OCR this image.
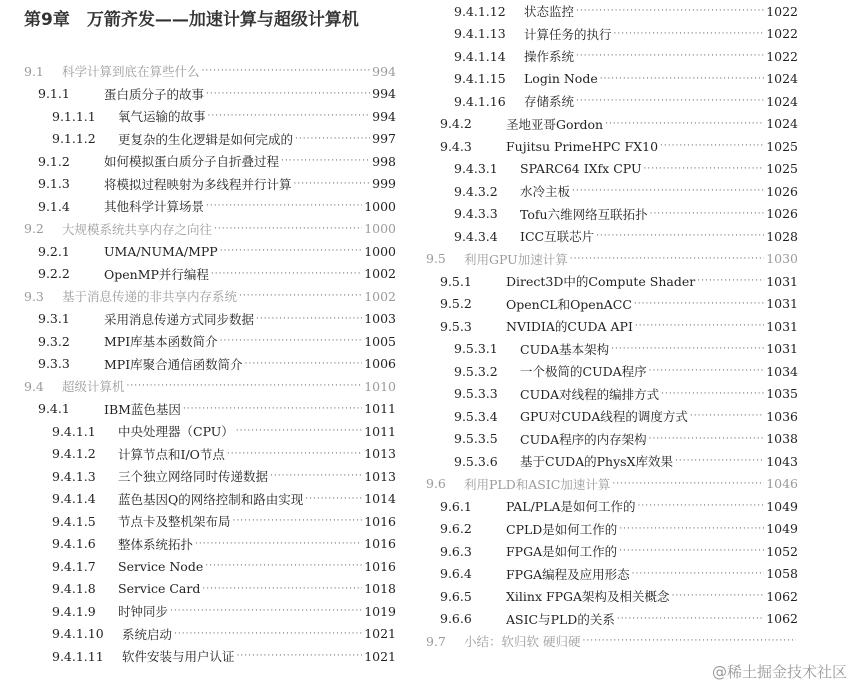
第9章　万箭齐发——加速计算与超级计算机
9.1	科学计算到底在算些什么 ·····	994
9.1.1	蛋白质分子的故事 ·····	994
9.1.1.1	氧气运输的故事 ·····	994
9.1.1.2	更复杂的生化逻辑是如何完成的 ·····	997
9.1.2	如何模拟蛋白质分子自折叠过程 ·····	998
9.1.3	将模拟过程映射为多线程并行计算 ·····	999
9.1.4	其他科学计算场景 ·····	1000
9.2	大规模系统共享内存之向往 ·····	1000
9.2.1	UMA/NUMA/MPP ·····	1000
9.2.2	OpenMP并行编程 ·····	1002
9.3	基于消息传递的非共享内存系统 ·····	1002
9.3.1	采用消息传递方式同步数据 ·····	1003
9.3.2	MPI库基本函数简介 ·····	1005
9.3.3	MPI库聚合通信函数简介 ·····	1006
9.4	超级计算机 ·····	1010
9.4.1	IBM蓝色基因 ·····	1011
9.4.1.1	中央处理器（CPU） ·····	1011
9.4.1.2	计算节点和I/O节点 ·····	1013
9.4.1.3	三个独立网络同时传递数据 ·····	1013
9.4.1.4	蓝色基因Q的网络控制和路由实现 ·····	1014
9.4.1.5	节点卡及整机架布局 ·····	1016
9.4.1.6	整体系统拓扑 ·····	1016
9.4.1.7	Service Node ·····	1016
9.4.1.8	Service Card ·····	1018
9.4.1.9	时钟同步 ·····	1019
9.4.1.10	系统启动 ·····	1021
9.4.1.11	软件安装与用户认证 ·····	1021
9.4.1.12	状态监控 ·····	1022
9.4.1.13	计算任务的执行 ·····	1022
9.4.1.14	操作系统 ·····	1022
9.4.1.15	Login Node ·····	1024
9.4.1.16	存储系统 ·····	1024
9.4.2	圣地亚哥Gordon ·····	1024
9.4.3	Fujitsu PrimeHPC FX10 ·····	1025
9.4.3.1	SPARC64 IXfx CPU ·····	1025
9.4.3.2	水冷主板 ·····	1026
9.4.3.3	Tofu六维网络互联拓扑 ·····	1026
9.4.3.4	ICC互联芯片 ·····	1028
9.5	利用GPU加速计算 ·····	1030
9.5.1	Direct3D中的Compute Shader ·····	1031
9.5.2	OpenCL和OpenACC ·····	1031
9.5.3	NVIDIA的CUDA API ·····	1031
9.5.3.1	CUDA基本架构 ·····	1031
9.5.3.2	一个极简的CUDA程序 ·····	1034
9.5.3.3	CUDA对线程的编排方式 ·····	1035
9.5.3.4	GPU对CUDA线程的调度方式 ·····	1036
9.5.3.5	CUDA程序的内存架构 ·····	1038
9.5.3.6	基于CUDA的PhysX库效果 ·····	1043
9.6	利用PLD和ASIC加速计算 ·····	1046
9.6.1	PAL/PLA是如何工作的 ·····	1049
9.6.2	CPLD是如何工作的 ·····	1049
9.6.3	FPGA是如何工作的 ·····	1052
9.6.4	FPGA编程及应用形态 ·····	1058
9.6.5	Xilinx FPGA架构及相关概念 ·····	1062
9.6.6	ASIC与PLD的关系 ·····	1062
9.7	小结：软归软 硬归硬
·····
@稀土掘金技术社区
